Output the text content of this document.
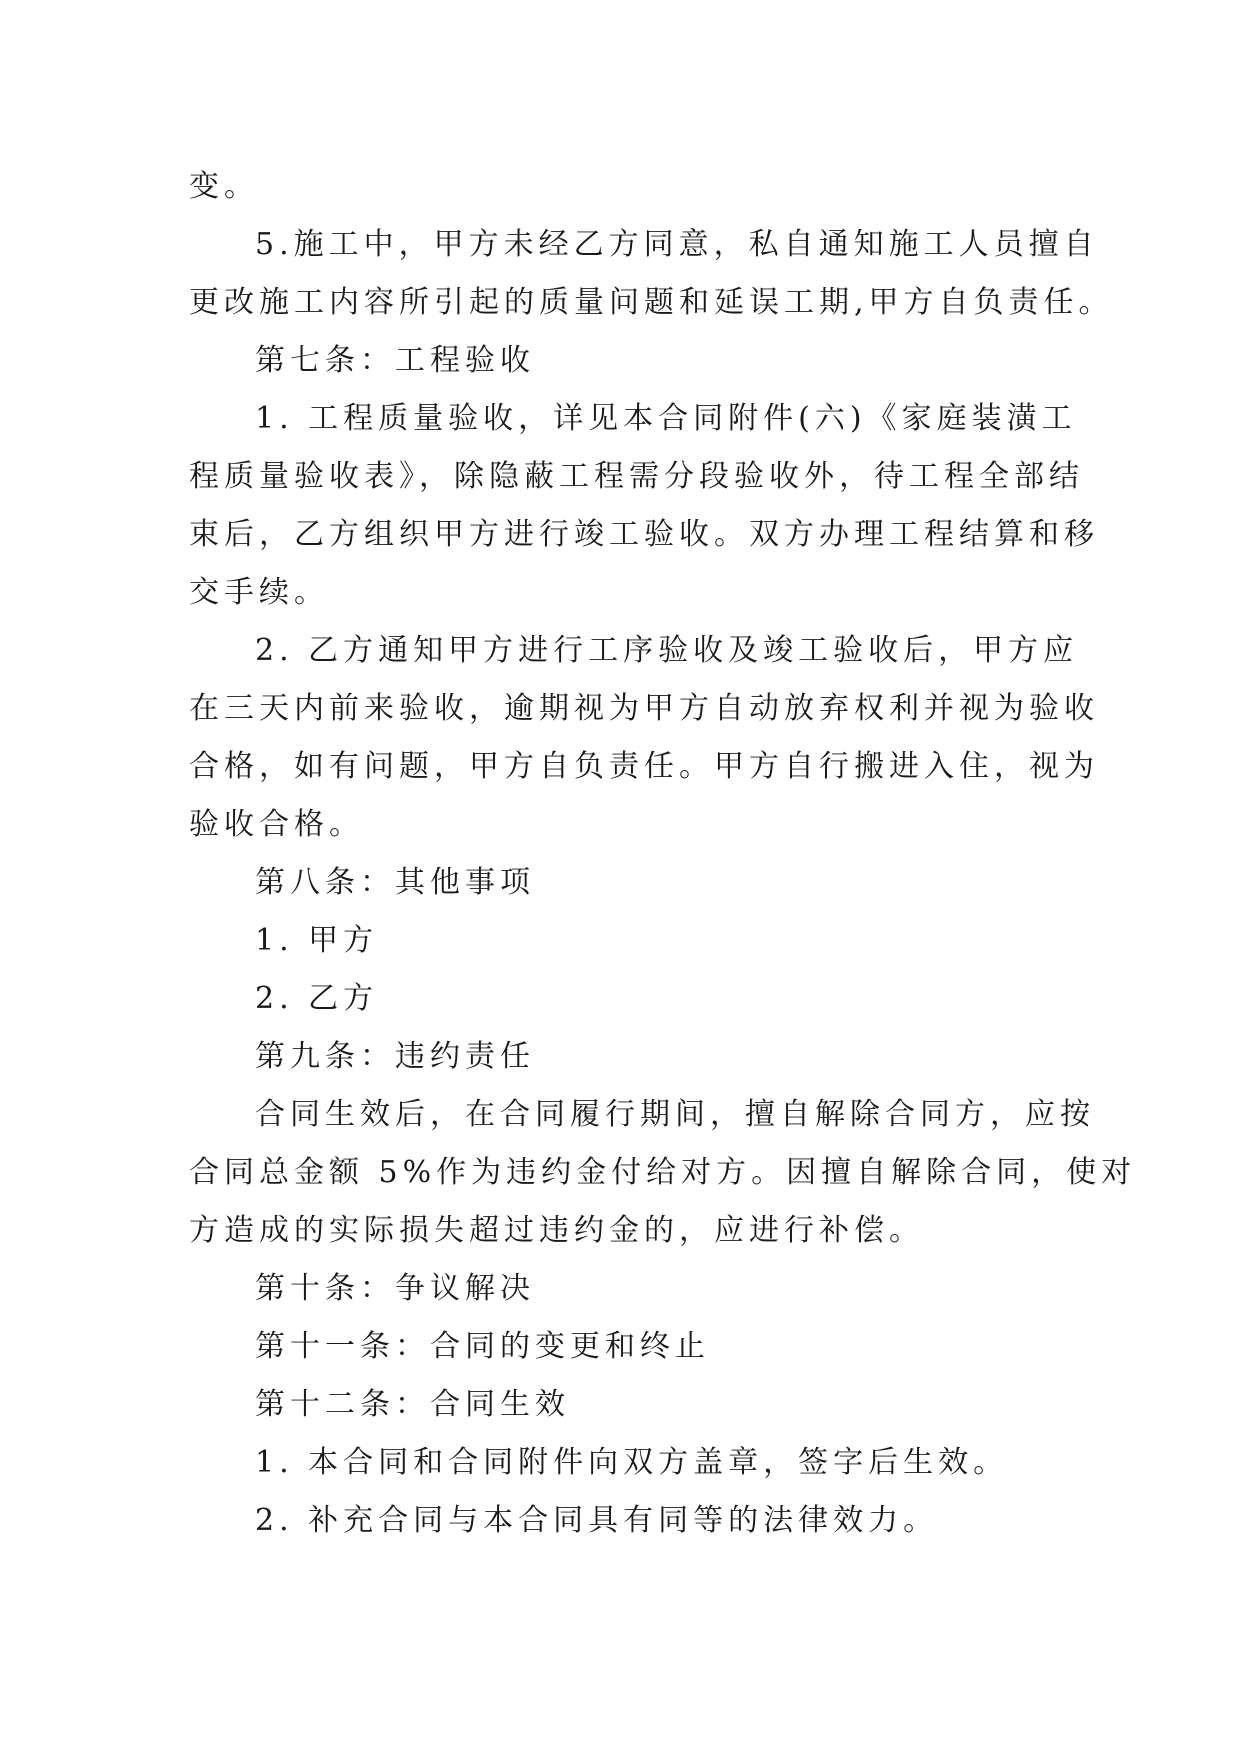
变。
5.施工中，甲方未经乙方同意，私自通知施工人员擅自
更改施工内容所引起的质量问题和延误工期,甲方自负责任。
第七条：工程验收
1. 工程质量验收，详见本合同附件(六)《家庭装潢工
程质量验收表》，除隐蔽工程需分段验收外，待工程全部结
束后，乙方组织甲方进行竣工验收。双方办理工程结算和移
交手续。
2. 乙方通知甲方进行工序验收及竣工验收后，甲方应
在三天内前来验收，逾期视为甲方自动放弃权利并视为验收
合格，如有问题，甲方自负责任。甲方自行搬进入住，视为
验收合格。
第八条：其他事项
1. 甲方
2. 乙方
第九条：违约责任
合同生效后，在合同履行期间，擅自解除合同方，应按
合同总金额 5%作为违约金付给对方。因擅自解除合同，使对
方造成的实际损失超过违约金的，应进行补偿。
第十条：争议解决
第十一条：合同的变更和终止
第十二条：合同生效
1. 本合同和合同附件向双方盖章，签字后生效。
2. 补充合同与本合同具有同等的法律效力。
